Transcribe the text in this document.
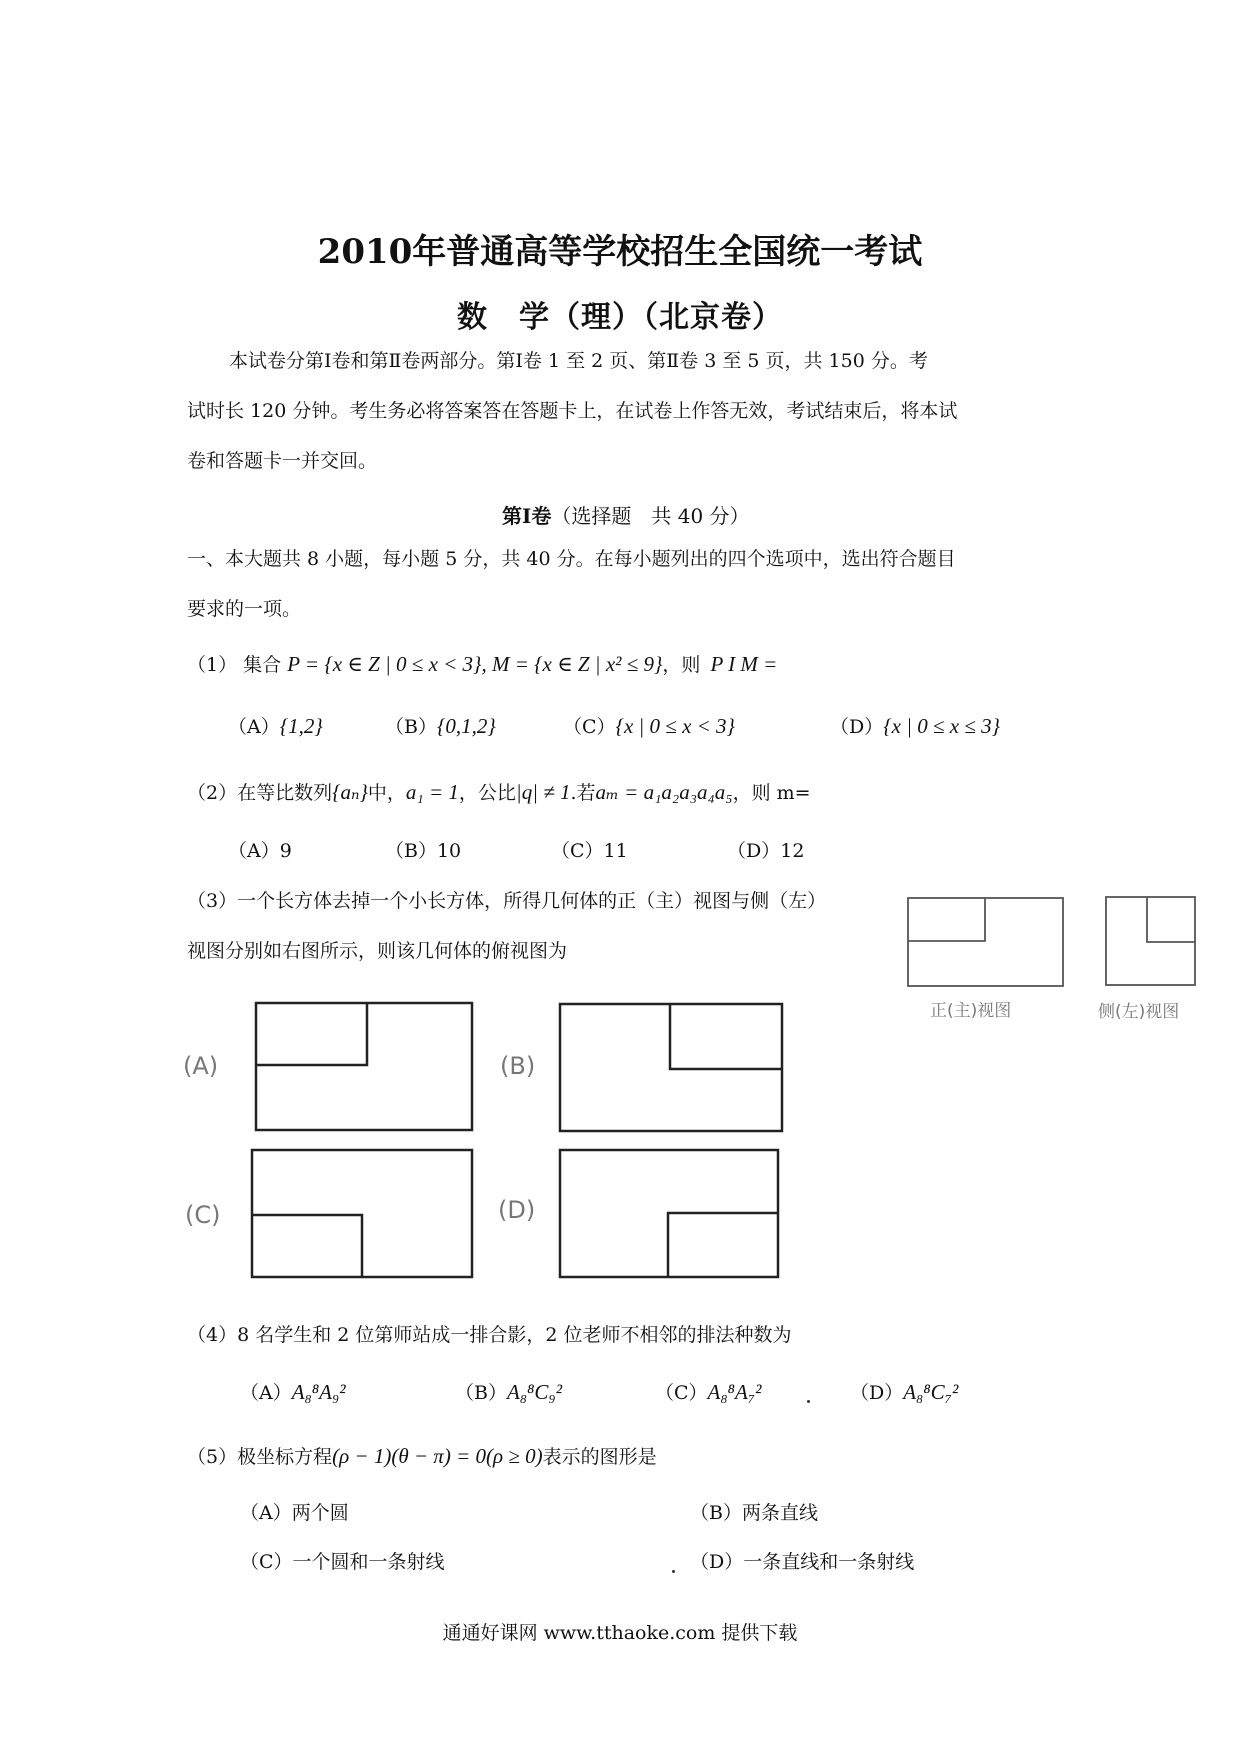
2010年普通高等学校招生全国统一考试
数　学（理）（北京卷）
本试卷分第Ⅰ卷和第Ⅱ卷两部分。第Ⅰ卷 1 至 2 页、第Ⅱ卷 3 至 5 页，共 150 分。考
试时长 120 分钟。考生务必将答案答在答题卡上，在试卷上作答无效，考试结束后，将本试
卷和答题卡一并交回。
第Ⅰ卷（选择题　共 40 分）
一、本大题共 8 小题，每小题 5 分，共 40 分。在每小题列出的四个选项中，选出符合题目
要求的一项。
（1） 集合 P = {x ∈ Z | 0 ≤ x < 3}, M = {x ∈ Z | x² ≤ 9}，则 P I M =
（A）{1,2}	（B）{0,1,2}	（C）{x | 0 ≤ x < 3}	（D）{x | 0 ≤ x ≤ 3}
（2）在等比数列{aₙ}中，a₁ = 1，公比|q| ≠ 1.若aₘ = a₁a₂a₃a₄a₅，则 m=
（A）9	（B）10	（C）11	（D）12
（3）一个长方体去掉一个小长方体，所得几何体的正（主）视图与侧（左）
视图分别如右图所示，则该几何体的俯视图为
正(主)视图	侧(左)视图
(A)	(B)
(C)	(D)
（4）8 名学生和 2 位第师站成一排合影，2 位老师不相邻的排法种数为
（A）A₈⁸A₉²	（B）A₈⁸C₉²	（C）A₈⁸A₇²	（D）A₈⁸C₇²
（5）极坐标方程(ρ − 1)(θ − π) = 0(ρ ≥ 0)表示的图形是
（A）两个圆	（B）两条直线
（C）一个圆和一条射线	（D）一条直线和一条射线
通通好课网 www.tthaoke.com 提供下载
